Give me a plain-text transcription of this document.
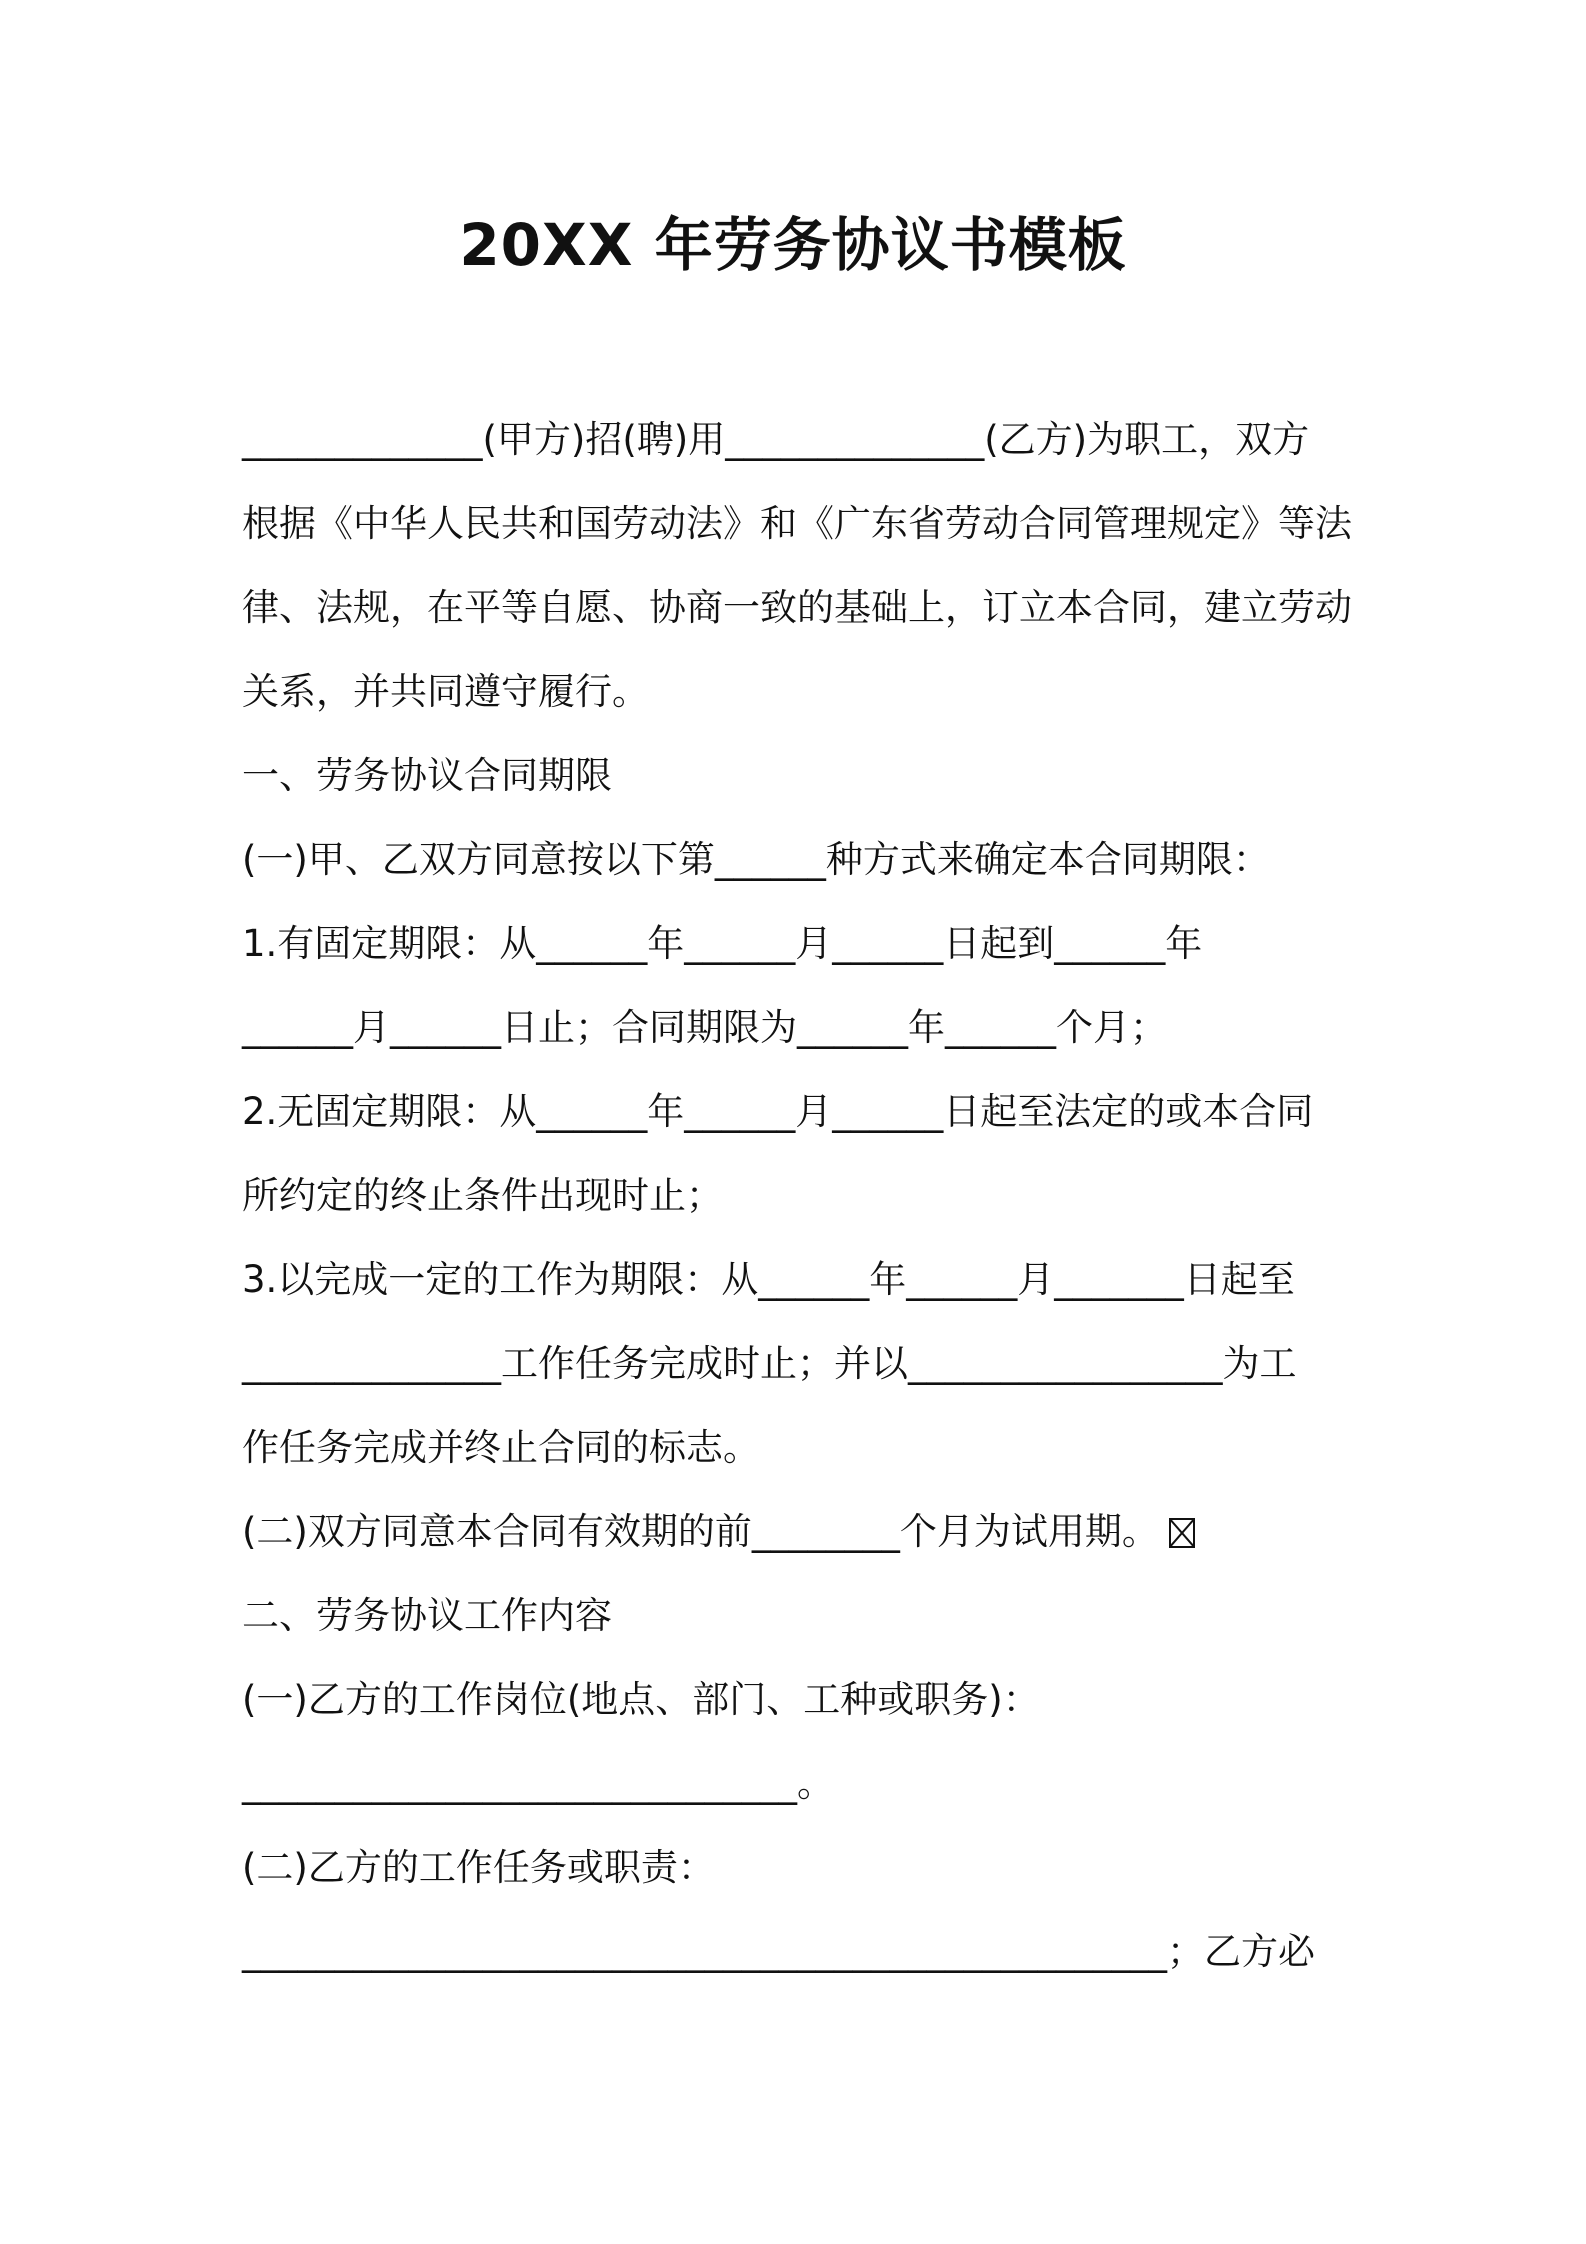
20XX 年劳务协议书模板

_____________(甲方)招(聘)用______________(乙方)为职工，双方

根据《中华人民共和国劳动法》和《广东省劳动合同管理规定》等法

律、法规，在平等自愿、协商一致的基础上，订立本合同，建立劳动

关系，并共同遵守履行。

一、劳务协议合同期限

(一)甲、乙双方同意按以下第______种方式来确定本合同期限：

1.有固定期限：从______年______月______日起到______年

______月______日止；合同期限为______年______个月；

2.无固定期限：从______年______月______日起至法定的或本合同

所约定的终止条件出现时止；

3.以完成一定的工作为期限：从______年______月_______日起至

______________工作任务完成时止；并以_________________为工

作任务完成并终止合同的标志。

(二)双方同意本合同有效期的前________个月为试用期。

二、劳务协议工作内容

(一)乙方的工作岗位(地点、部门、工种或职务)：

______________________________。

(二)乙方的工作任务或职责：

__________________________________________________；乙方必
